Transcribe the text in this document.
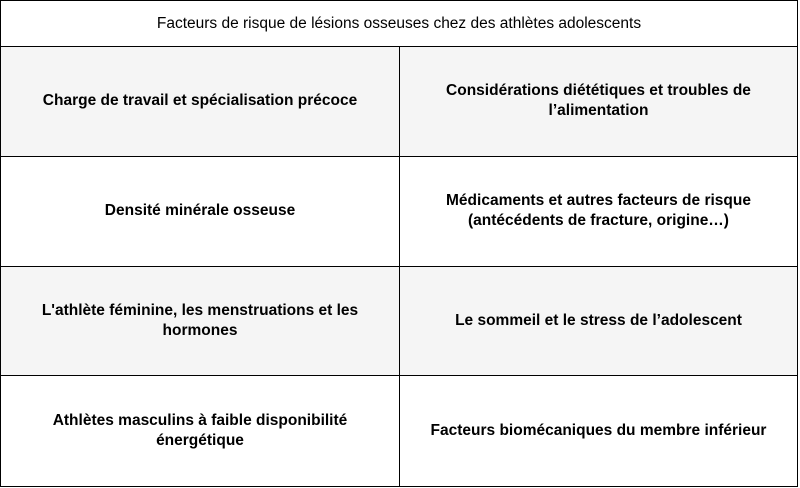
Facteurs de risque de lésions osseuses chez des athlètes adolescents
Charge de travail et spécialisation précoce
Considérations diététiques et troubles de l’alimentation
Densité minérale osseuse
Médicaments et autres facteurs de risque (antécédents de fracture, origine…)
L'athlète féminine, les menstruations et les hormones
Le sommeil et le stress de l’adolescent
Athlètes masculins à faible disponibilité énergétique
Facteurs biomécaniques du membre inférieur
